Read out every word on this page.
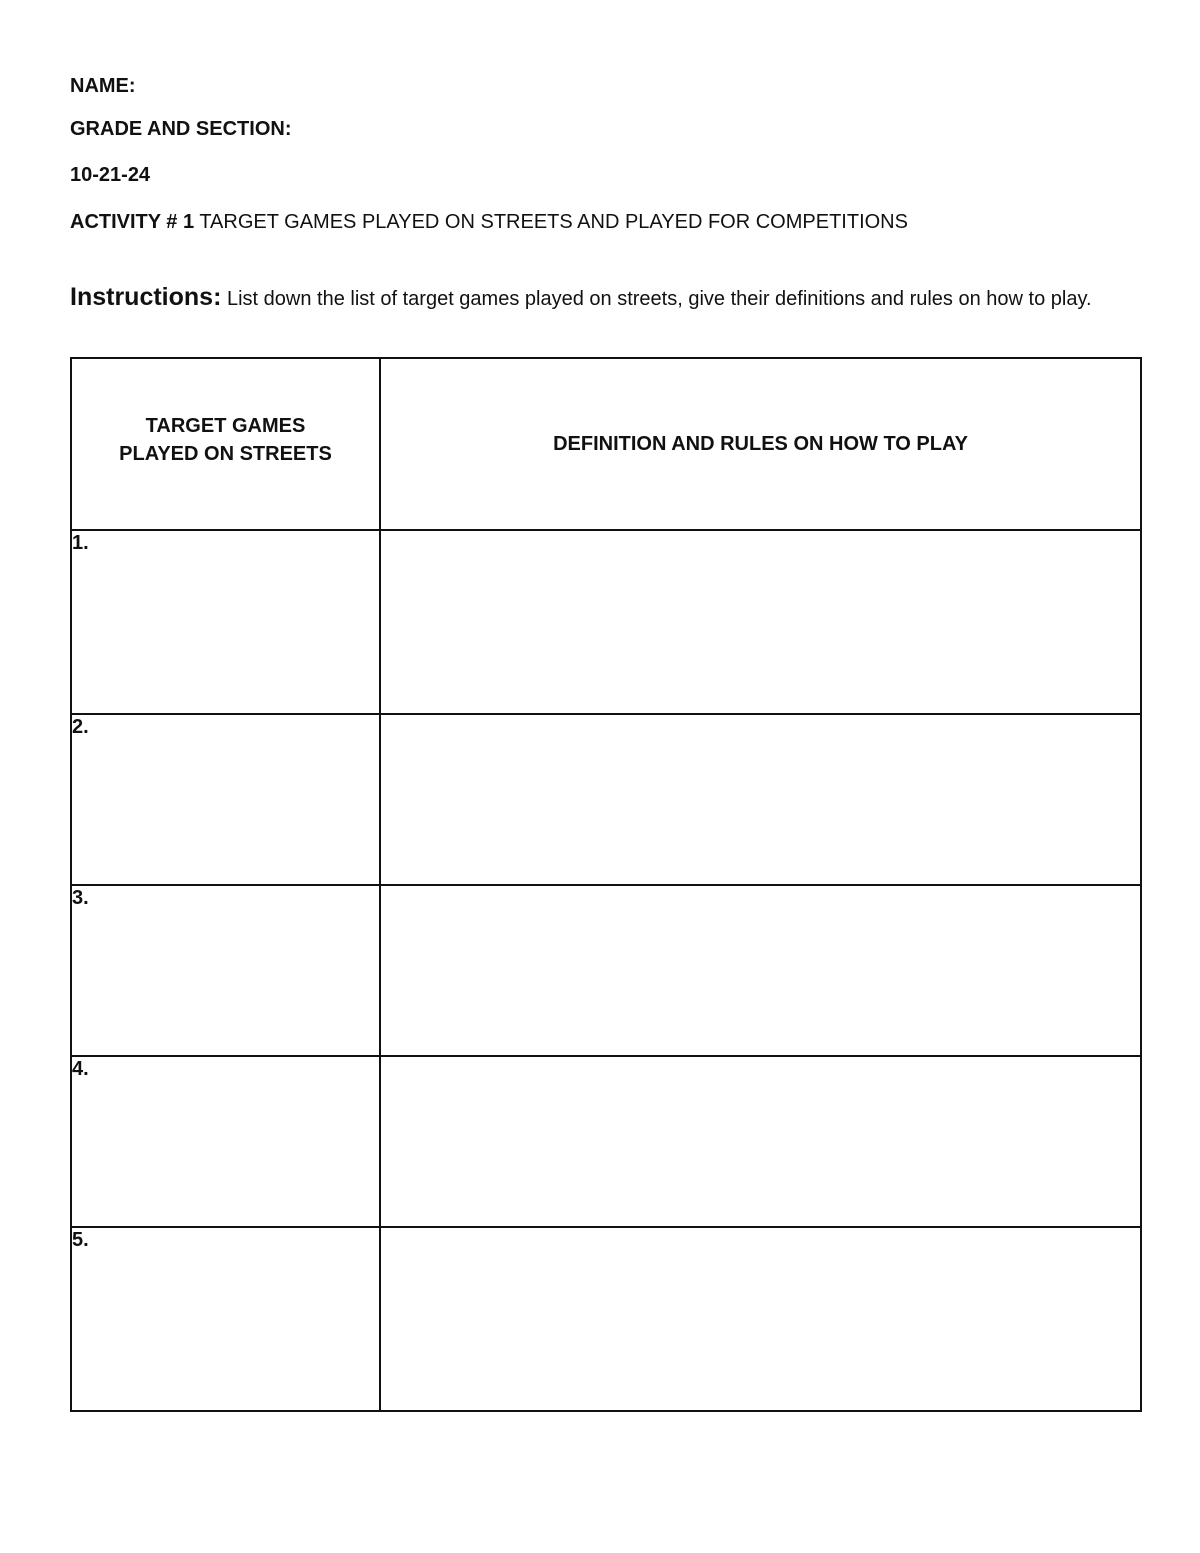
NAME:

GRADE AND SECTION:

10-21-24

ACTIVITY # 1 TARGET GAMES PLAYED ON STREETS AND PLAYED FOR COMPETITIONS

Instructions: List down the list of target games played on streets, give their definitions and rules on how to play.

TARGET GAMES
PLAYED ON STREETS	DEFINITION AND RULES ON HOW TO PLAY
1.	
2.	
3.	
4.	
5.	
